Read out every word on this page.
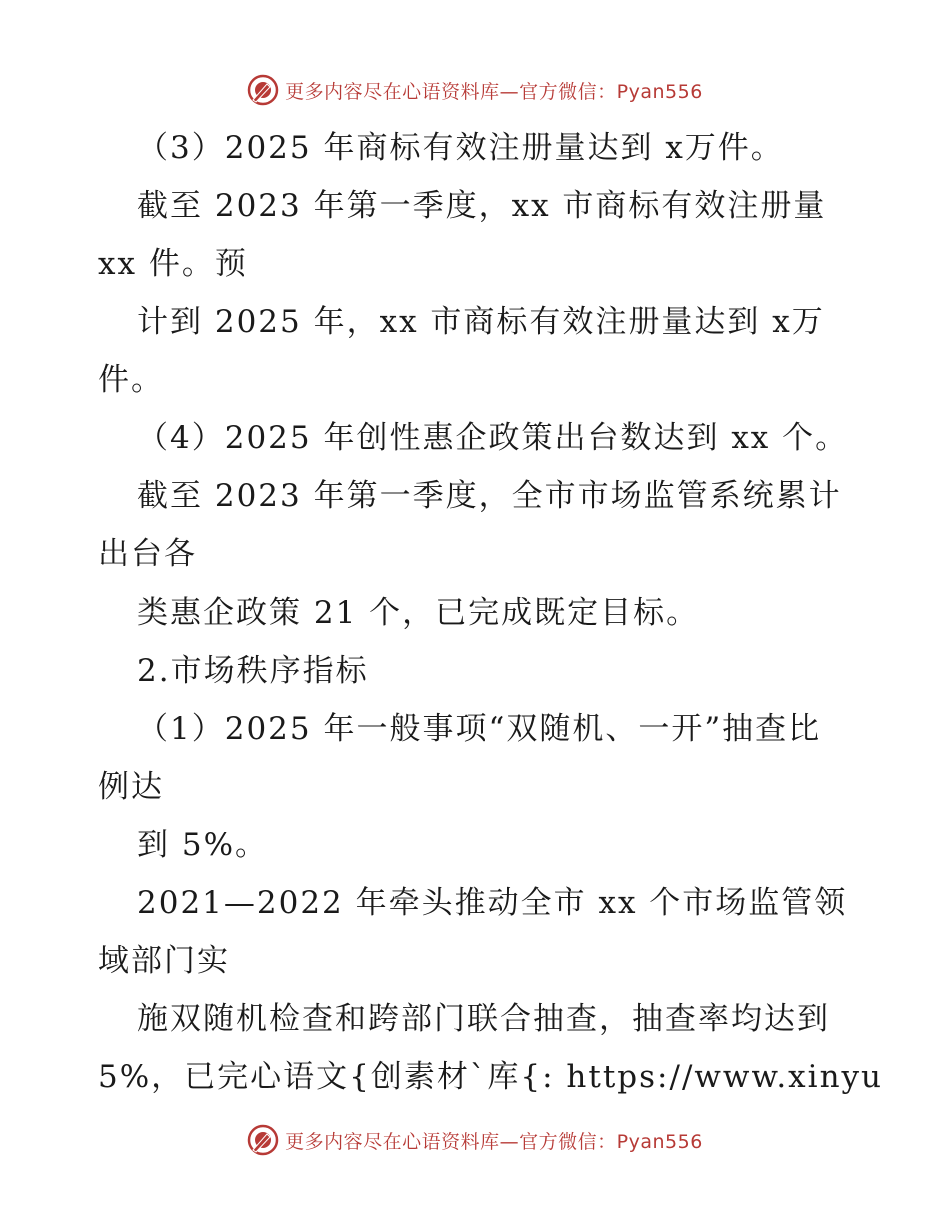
更多内容尽在心语资料库—官方微信：Pyan556
（3）2025 年商标有效注册量达到 x万件。
截至 2023 年第一季度，xx 市商标有效注册量
xx 件。预
计到 2025 年，xx 市商标有效注册量达到 x万
件。
（4）2025 年创性惠企政策出台数达到 xx 个。
截至 2023 年第一季度，全市市场监管系统累计
出台各
类惠企政策 21 个，已完成既定目标。
2.市场秩序指标
（1）2025 年一般事项“双随机、一开”抽查比
例达
到 5%。
2021—2022 年牵头推动全市 xx 个市场监管领
域部门实
施双随机检查和跨部门联合抽查，抽查率均达到
5%，已完心语文{创素材`库{: https://www.xinyu
更多内容尽在心语资料库—官方微信：Pyan556
